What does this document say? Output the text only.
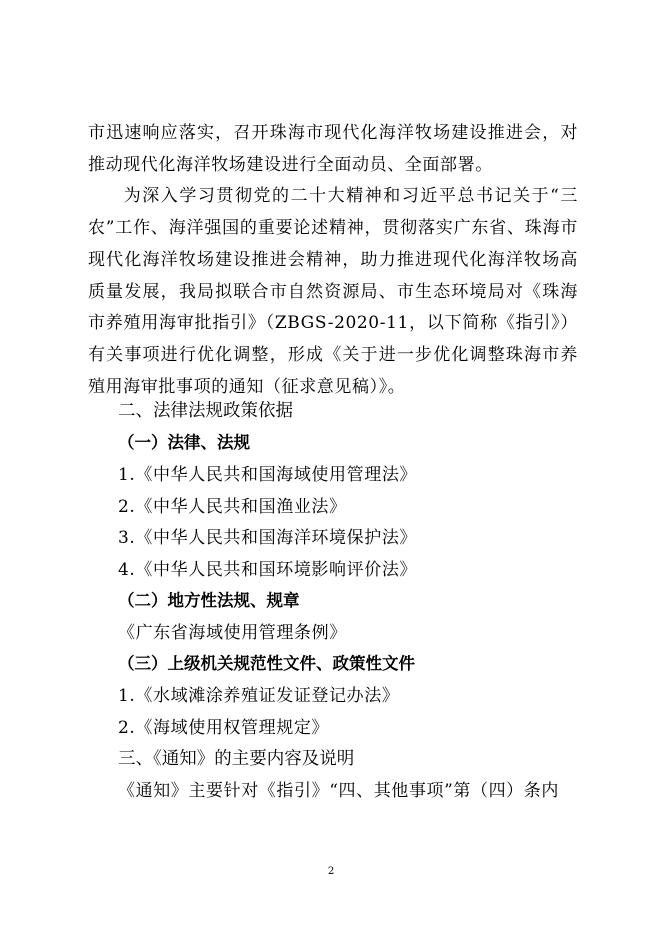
市迅速响应落实，召开珠海市现代化海洋牧场建设推进会，对推动现代化海洋牧场建设进行全面动员、全面部署。

为深入学习贯彻党的二十大精神和习近平总书记关于“三农”工作、海洋强国的重要论述精神，贯彻落实广东省、珠海市现代化海洋牧场建设推进会精神，助力推进现代化海洋牧场高质量发展，我局拟联合市自然资源局、市生态环境局对《珠海市养殖用海审批指引》（ZBGS-2020-11，以下简称《指引》）有关事项进行优化调整，形成《关于进一步优化调整珠海市养殖用海审批事项的通知（征求意见稿）》。

二、法律法规政策依据
（一）法律、法规
1.《中华人民共和国海域使用管理法》
2.《中华人民共和国渔业法》
3.《中华人民共和国海洋环境保护法》
4.《中华人民共和国环境影响评价法》
（二）地方性法规、规章
《广东省海域使用管理条例》
（三）上级机关规范性文件、政策性文件
1.《水域滩涂养殖证发证登记办法》
2.《海域使用权管理规定》
三、《通知》的主要内容及说明
《通知》主要针对《指引》“四、其他事项”第（四）条内
2
